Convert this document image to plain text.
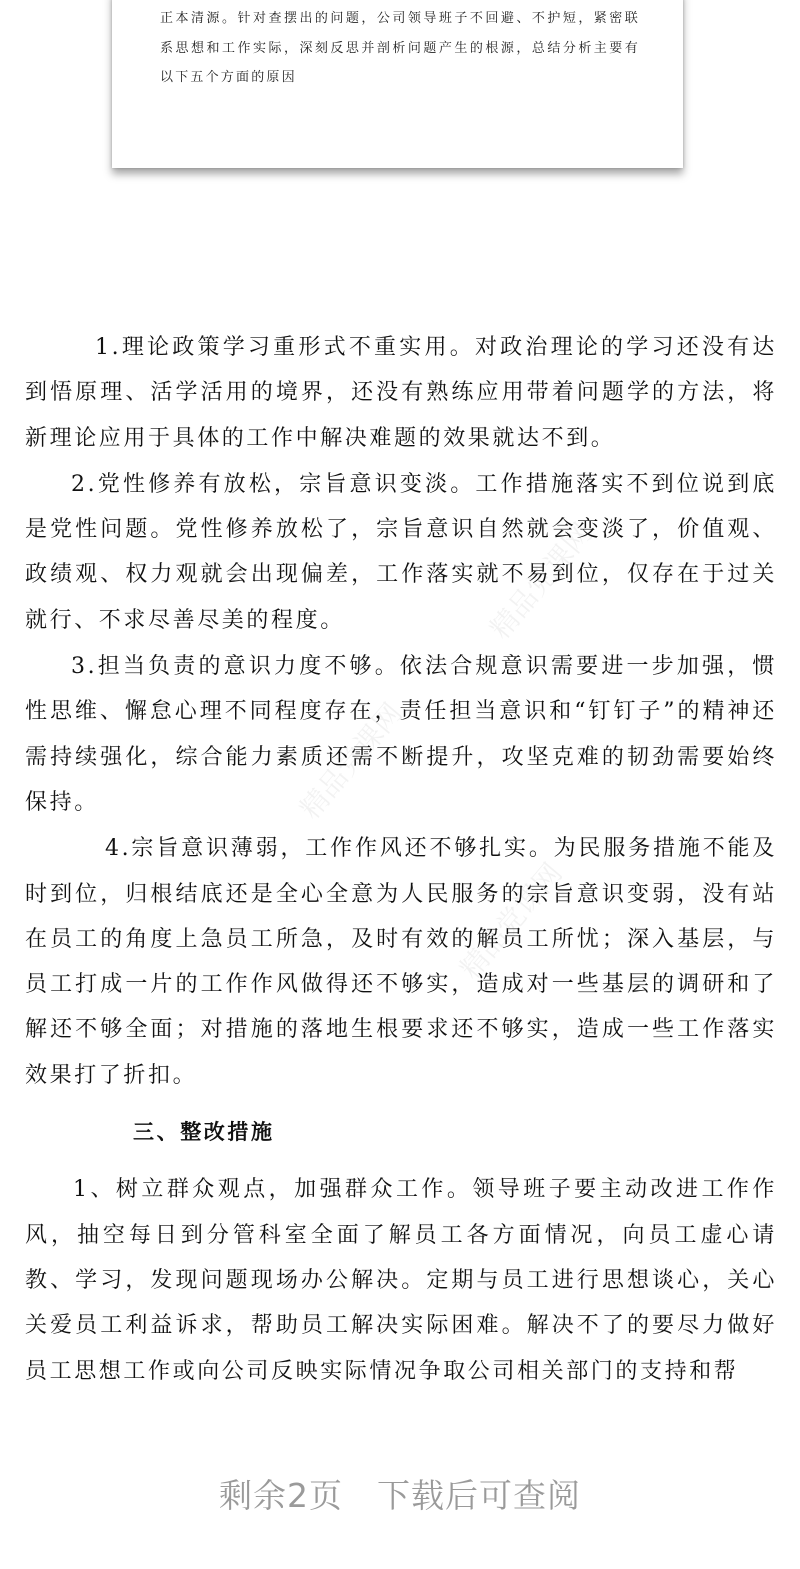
正本清源。针对查摆出的问题，公司领导班子不回避、不护短，紧密联系思想和工作实际，深刻反思并剖析问题产生的根源，总结分析主要有以下五个方面的原因

精品党课网
精品党课网
精品党课网

1.理论政策学习重形式不重实用。对政治理论的学习还没有达到悟原理、活学活用的境界，还没有熟练应用带着问题学的方法，将新理论应用于具体的工作中解决难题的效果就达不到。

2.党性修养有放松，宗旨意识变淡。工作措施落实不到位说到底是党性问题。党性修养放松了，宗旨意识自然就会变淡了，价值观、政绩观、权力观就会出现偏差，工作落实就不易到位，仅存在于过关就行、不求尽善尽美的程度。

3.担当负责的意识力度不够。依法合规意识需要进一步加强，惯性思维、懈怠心理不同程度存在，责任担当意识和“钉钉子”的精神还需持续强化，综合能力素质还需不断提升，攻坚克难的韧劲需要始终保持。

4.宗旨意识薄弱，工作作风还不够扎实。为民服务措施不能及时到位，归根结底还是全心全意为人民服务的宗旨意识变弱，没有站在员工的角度上急员工所急，及时有效的解员工所忧；深入基层，与员工打成一片的工作作风做得还不够实，造成对一些基层的调研和了解还不够全面；对措施的落地生根要求还不够实，造成一些工作落实效果打了折扣。

三、整改措施

1、树立群众观点，加强群众工作。领导班子要主动改进工作作风，抽空每日到分管科室全面了解员工各方面情况，向员工虚心请教、学习，发现问题现场办公解决。定期与员工进行思想谈心，关心关爱员工利益诉求，帮助员工解决实际困难。解决不了的要尽力做好员工思想工作或向公司反映实际情况争取公司相关部门的支持和帮

剩余2页　下载后可查阅
